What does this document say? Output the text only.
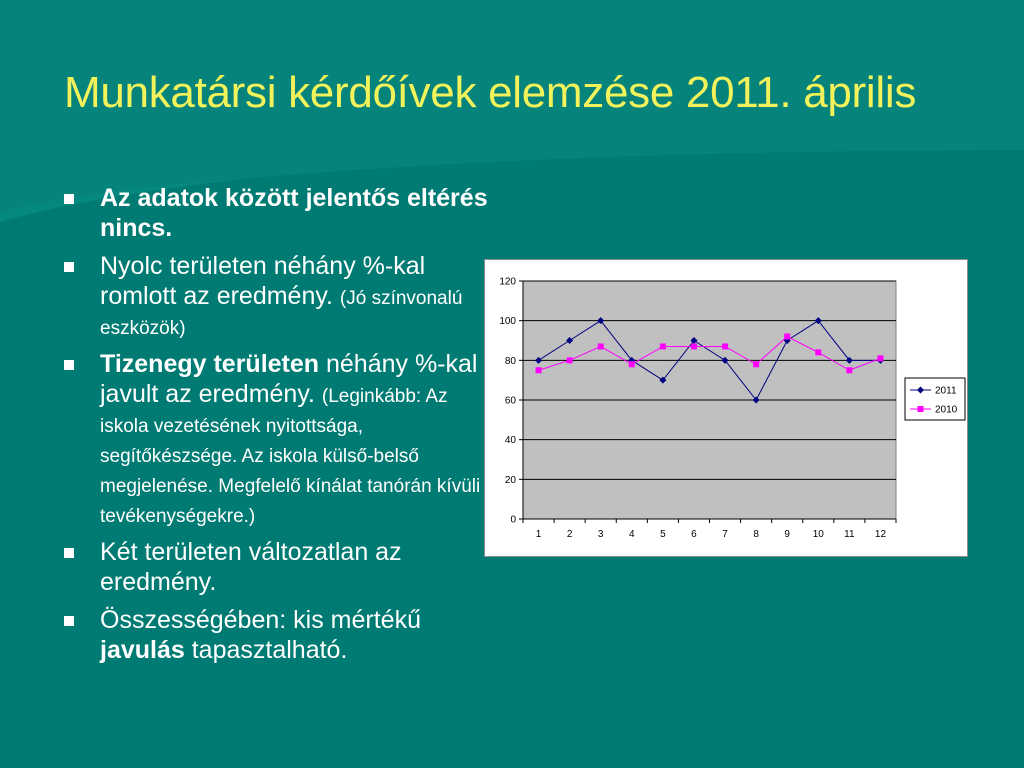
Munkatársi kérdőívek elemzése 2011. április
Az adatok között jelentős eltérés nincs.
Nyolc területen néhány %-kal romlott az eredmény. (Jó színvonalú eszközök)
Tizenegy területen néhány %-kal javult az eredmény. (Leginkább: Az iskola vezetésének nyitottsága, segítőkészsége. Az iskola külső-belső megjelenése. Megfelelő kínálat tanórán kívüli tevékenységekre.)
Két területen változatlan az eredmény.
Összességében: kis mértékű javulás tapasztalható.
0
20
40
60
80
100
120
1	2	3	4	5	6	7	8	9 10 11 12
2011
2010
